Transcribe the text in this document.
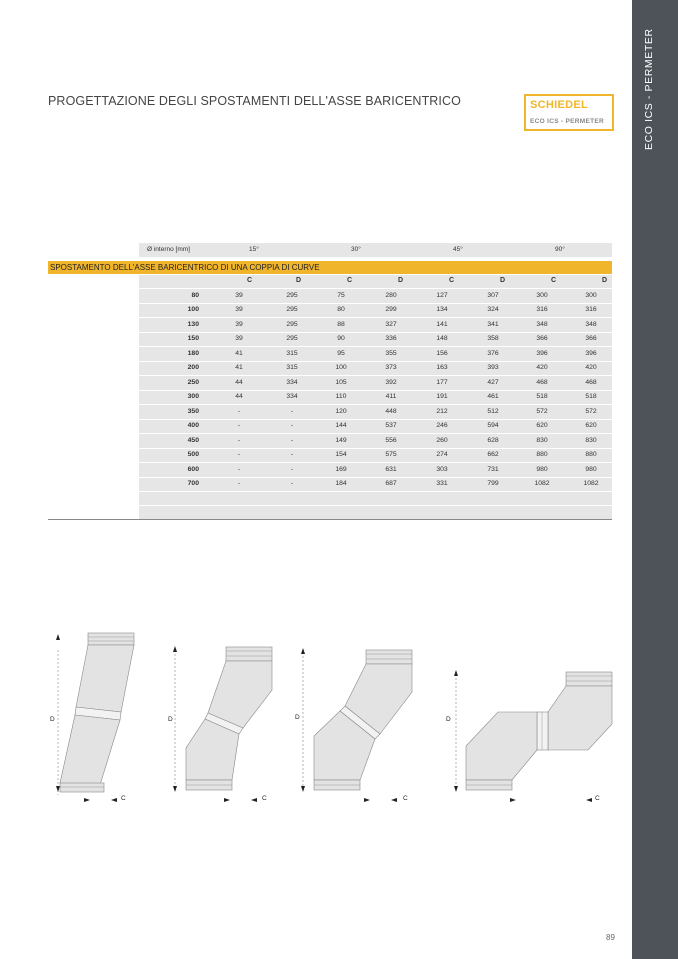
ECO ICS - PERMETER
PROGETTAZIONE DEGLI SPOSTAMENTI DELL'ASSE BARICENTRICO	SCHIEDEL
ECO ICS - PERMETER
Ø interno [mm]	15°	30°	45°	90°
SPOSTAMENTO DELL'ASSE BARICENTRICO DI UNA COPPIA DI CURVE
C	D	C	D	C	D	C	D
80	39	295	75	280	127	307	300	300
100	39	295	80	299	134	324	316	316
130	39	295	88	327	141	341	348	348
150	39	295	90	336	148	358	366	366
180	41	315	95	355	156	376	396	396
200	41	315	100	373	163	393	420	420
250	44	334	105	392	177	427	468	468
300	44	334	110	411	191	461	518	518
350	-	-	120	448	212	512	572	572
400	-	-	144	537	246	594	620	620
450	-	-	149	556	260	628	830	830
500	-	-	154	575	274	662	880	880
600	-	-	169	631	303	731	980	980
700	-	-	184	687	331	799	1082	1082
D
C
D
C
D
C
D
C
89
